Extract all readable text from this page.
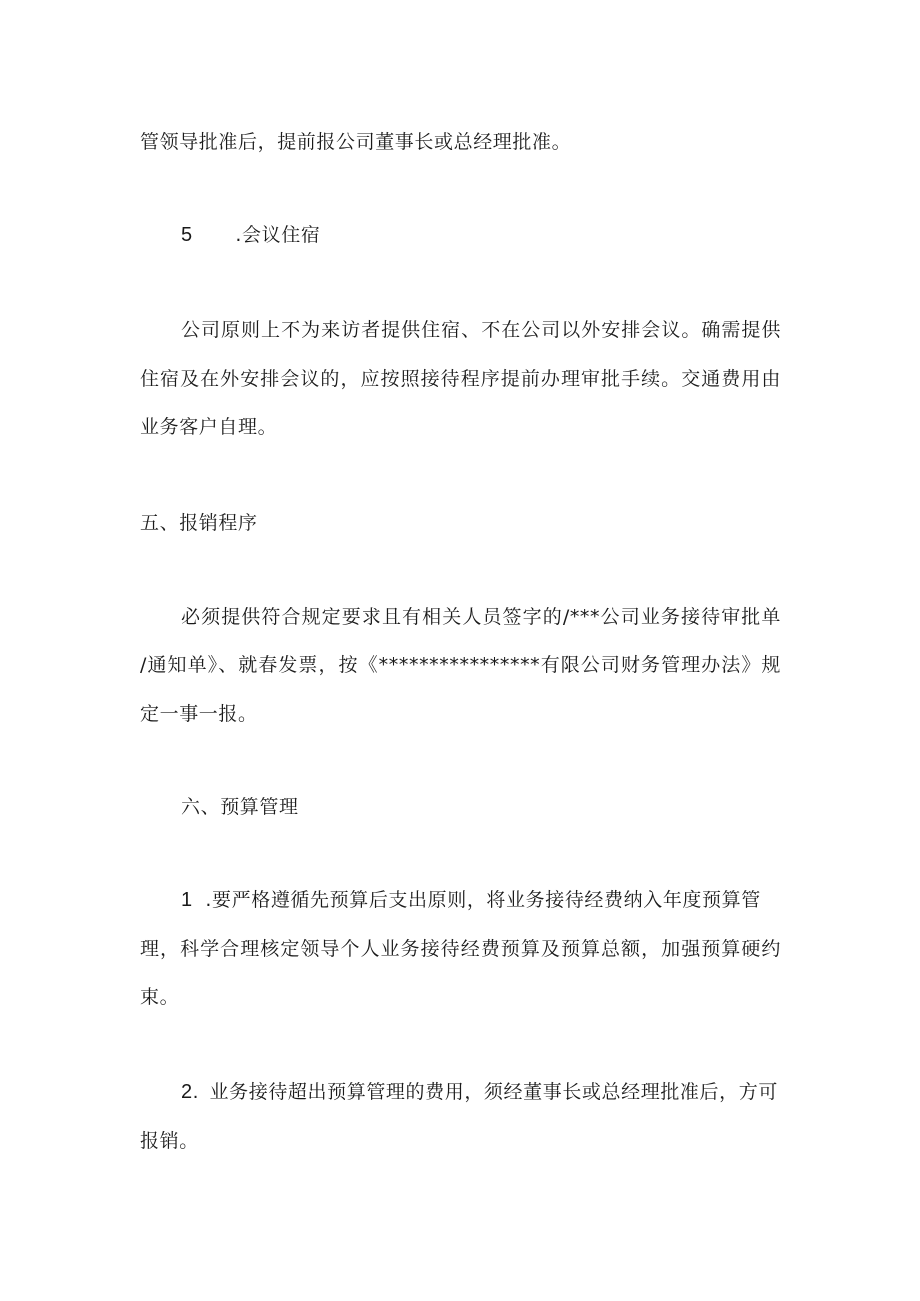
管领导批准后，提前报公司董事长或总经理批准。
5 .会议住宿
公司原则上不为来访者提供住宿、不在公司以外安排会议。确需提供
住宿及在外安排会议的，应按照接待程序提前办理审批手续。交通费用由
业务客户自理。
五、报销程序
必须提供符合规定要求且有相关人员签字的/***公司业务接待审批单
/通知单》、就春发票，按《****************有限公司财务管理办法》规
定一事一报。
六、预算管理
1 .要严格遵循先预算后支出原则，将业务接待经费纳入年度预算管
理，科学合理核定领导个人业务接待经费预算及预算总额，加强预算硬约
束。
2. 业务接待超出预算管理的费用，须经董事长或总经理批准后，方可
报销。
